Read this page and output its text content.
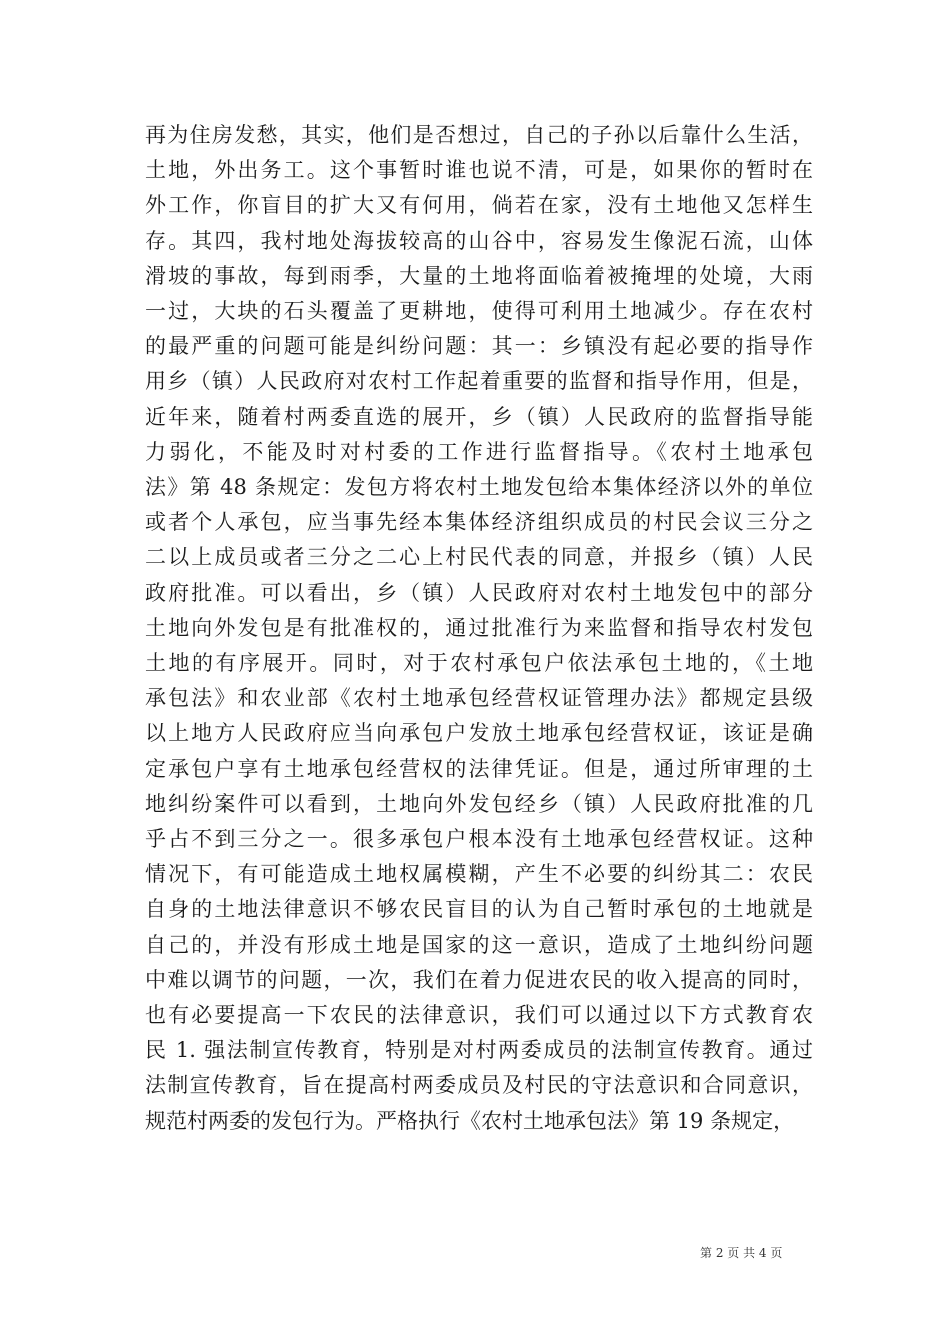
再为住房发愁，其实，他们是否想过，自己的子孙以后靠什么生活，
土地，外出务工。这个事暂时谁也说不清，可是，如果你的暂时在
外工作，你盲目的扩大又有何用，倘若在家，没有土地他又怎样生
存。其四，我村地处海拔较高的山谷中，容易发生像泥石流，山体
滑坡的事故，每到雨季，大量的土地将面临着被掩埋的处境，大雨
一过，大块的石头覆盖了更耕地，使得可利用土地减少。存在农村
的最严重的问题可能是纠纷问题：其一：乡镇没有起必要的指导作
用乡（镇）人民政府对农村工作起着重要的监督和指导作用，但是，
近年来，随着村两委直选的展开，乡（镇）人民政府的监督指导能
力弱化，不能及时对村委的工作进行监督指导。《农村土地承包
法》第 48 条规定：发包方将农村土地发包给本集体经济以外的单位
或者个人承包，应当事先经本集体经济组织成员的村民会议三分之
二以上成员或者三分之二心上村民代表的同意，并报乡（镇）人民
政府批准。可以看出，乡（镇）人民政府对农村土地发包中的部分
土地向外发包是有批准权的，通过批准行为来监督和指导农村发包
土地的有序展开。同时，对于农村承包户依法承包土地的，《土地
承包法》和农业部《农村土地承包经营权证管理办法》都规定县级
以上地方人民政府应当向承包户发放土地承包经营权证，该证是确
定承包户享有土地承包经营权的法律凭证。但是，通过所审理的土
地纠纷案件可以看到，土地向外发包经乡（镇）人民政府批准的几
乎占不到三分之一。很多承包户根本没有土地承包经营权证。这种
情况下，有可能造成土地权属模糊，产生不必要的纠纷其二：农民
自身的土地法律意识不够农民盲目的认为自己暂时承包的土地就是
自己的，并没有形成土地是国家的这一意识，造成了土地纠纷问题
中难以调节的问题，一次，我们在着力促进农民的收入提高的同时，
也有必要提高一下农民的法律意识，我们可以通过以下方式教育农
民 1. 强法制宣传教育，特别是对村两委成员的法制宣传教育。通过
法制宣传教育，旨在提高村两委成员及村民的守法意识和合同意识，
规范村两委的发包行为。严格执行《农村土地承包法》第 19 条规定，
第 2 页 共 4 页
